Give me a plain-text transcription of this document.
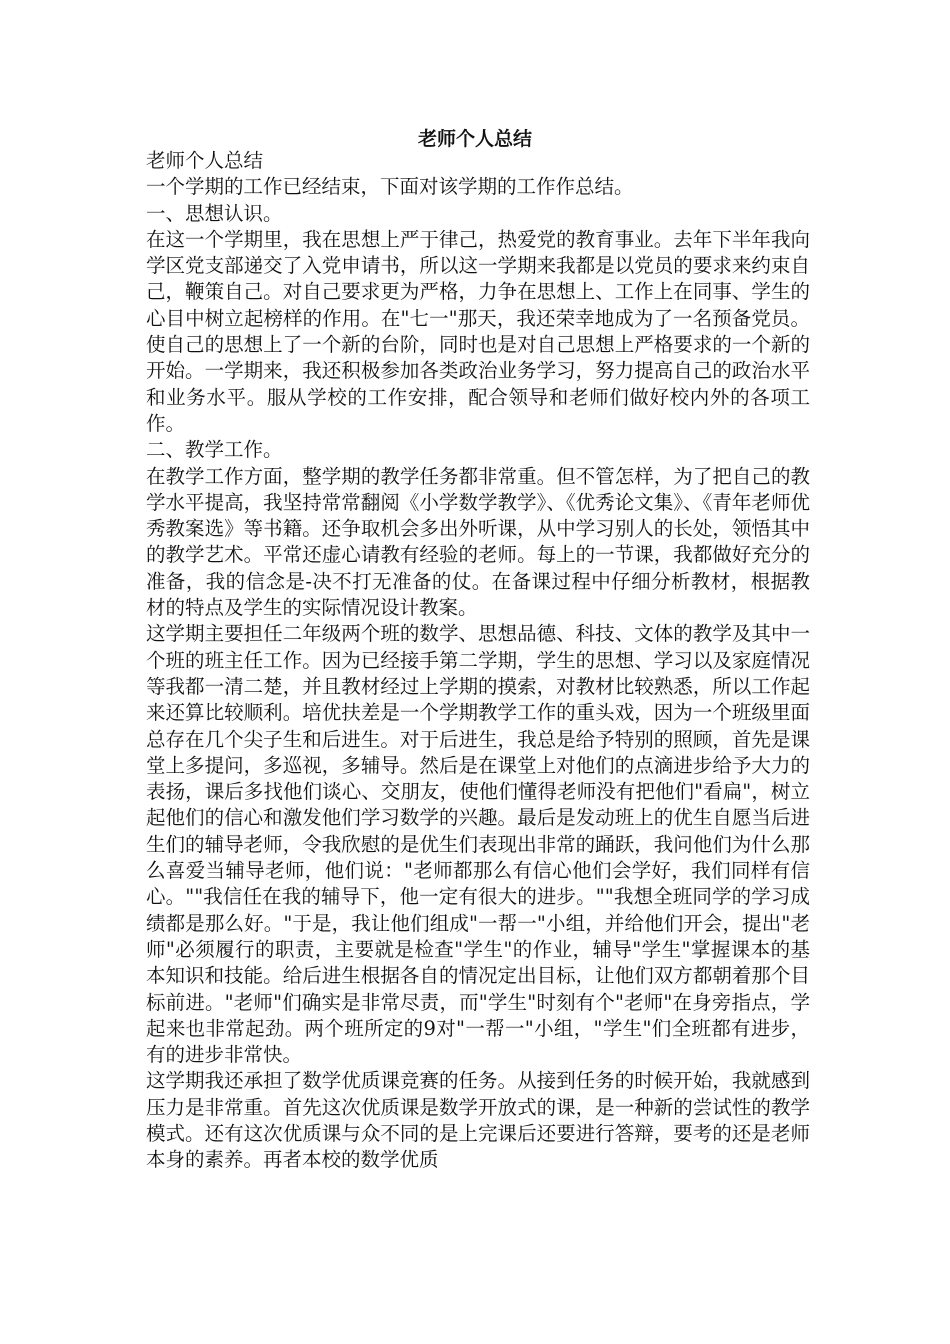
老师个人总结

老师个人总结

一个学期的工作已经结束，下面对该学期的工作作总结。

一、思想认识。

在这一个学期里，我在思想上严于律己，热爱党的教育事业。去年下半年我向学区党支部递交了入党申请书，所以这一学期来我都是以党员的要求来约束自己，鞭策自己。对自己要求更为严格，力争在思想上、工作上在同事、学生的心目中树立起榜样的作用。在"七一"那天，我还荣幸地成为了一名预备党员。使自己的思想上了一个新的台阶，同时也是对自己思想上严格要求的一个新的开始。一学期来，我还积极参加各类政治业务学习，努力提高自己的政治水平和业务水平。服从学校的工作安排，配合领导和老师们做好校内外的各项工作。

二、教学工作。

在教学工作方面，整学期的教学任务都非常重。但不管怎样，为了把自己的教学水平提高，我坚持常常翻阅《小学数学教学》、《优秀论文集》、《青年老师优秀教案选》等书籍。还争取机会多出外听课，从中学习别人的长处，领悟其中的教学艺术。平常还虚心请教有经验的老师。每上的一节课，我都做好充分的准备，我的信念是-决不打无准备的仗。在备课过程中仔细分析教材，根据教材的特点及学生的实际情况设计教案。

这学期主要担任二年级两个班的数学、思想品德、科技、文体的教学及其中一个班的班主任工作。因为已经接手第二学期，学生的思想、学习以及家庭情况等我都一清二楚，并且教材经过上学期的摸索，对教材比较熟悉，所以工作起来还算比较顺利。培优扶差是一个学期教学工作的重头戏，因为一个班级里面总存在几个尖子生和后进生。对于后进生，我总是给予特别的照顾，首先是课堂上多提问，多巡视，多辅导。然后是在课堂上对他们的点滴进步给予大力的表扬，课后多找他们谈心、交朋友，使他们懂得老师没有把他们"看扁"，树立起他们的信心和激发他们学习数学的兴趣。最后是发动班上的优生自愿当后进生们的辅导老师，令我欣慰的是优生们表现出非常的踊跃，我问他们为什么那么喜爱当辅导老师，他们说："老师都那么有信心他们会学好，我们同样有信心。""我信任在我的辅导下，他一定有很大的进步。""我想全班同学的学习成绩都是那么好。"于是，我让他们组成"一帮一"小组，并给他们开会，提出"老师"必须履行的职责，主要就是检查"学生"的作业，辅导"学生"掌握课本的基本知识和技能。给后进生根据各自的情况定出目标，让他们双方都朝着那个目标前进。"老师"们确实是非常尽责，而"学生"时刻有个"老师"在身旁指点，学起来也非常起劲。两个班所定的9对"一帮一"小组，"学生"们全班都有进步，有的进步非常快。

这学期我还承担了数学优质课竞赛的任务。从接到任务的时候开始，我就感到压力是非常重。首先这次优质课是数学开放式的课，是一种新的尝试性的教学模式。还有这次优质课与众不同的是上完课后还要进行答辩，要考的还是老师本身的素养。再者本校的数学优质
